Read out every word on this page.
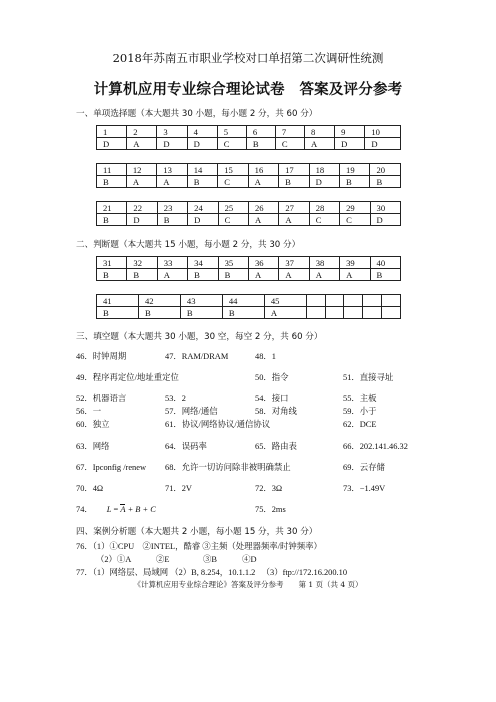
2018年苏南五市职业学校对口单招第二次调研性统测
计算机应用专业综合理论试卷　答案及评分参考
一、单项选择题（本大题共 30 小题，每小题 2 分，共 60 分）
1	2	3	4	5	6	7	8	9	10
D	A	D	D	C	B	C	A	D	D
11	12	13	14	15	16	17	18	19	20
B	A	A	B	C	A	B	D	B	B
21	22	23	24	25	26	27	28	29	30
B	D	B	D	C	A	A	C	C	D
二、判断题（本大题共 15 小题，每小题 2 分，共 30 分）
31	32	33	34	35	36	37	38	39	40
B	B	A	B	B	A	A	A	A	B
41	42	43	44	45					
B	B	B	B	A					
三、填空题（本大题共 30 小题，30 空，每空 2 分，共 60 分）
46．时钟周期	47．RAM/DRAM	48．1
49．程序再定位/地址重定位	50．指令	51．直接寻址
52．机器语言	53．2	54．接口	55．主板
56．一	57．网络/通信	58．对角线	59．小于
60．独立	61．协议/网络协议/通信协议	62．DCE
63．网络	64．误码率	65．路由表	66．202.141.46.32
67．Ipconfig /renew 68．允许一切访问除非被明确禁止	69．云存储
70．4Ω	71．2V	72．3Ω	73．−1.49V
74． L = A + B + C	75．2ms
四、案例分析题（本大题共 2 小题，每小题 15 分，共 30 分）
76．（1）①CPU　②INTEL，酷睿 ③主频（处理器频率/时钟频率）
（2）①A　　　②E　　　　③B　　　④D
77．（1）网络层、局域网 （2）B, 8.254，10.1.1.2 　（3）ftp://172.16.200.10
《计算机应用专业综合理论》答案及评分参考　　第 1 页（共 4 页）
